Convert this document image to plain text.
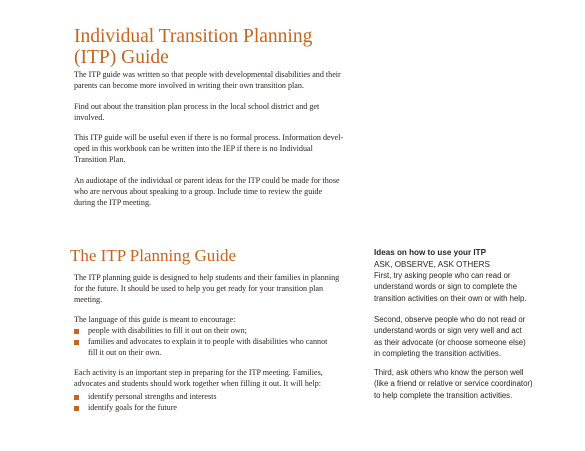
Individual Transition Planning
(ITP) Guide

The ITP guide was written so that people with developmental disabilities and their
parents can become more involved in writing their own transition plan.

Find out about the transition plan process in the local school district and get
involved.

This ITP guide will be useful even if there is no formal process. Information devel-
oped in this workbook can be written into the IEP if there is no Individual
Transition Plan.

An audiotape of the individual or parent ideas for the ITP could be made for those
who are nervous about speaking to a group. Include time to review the guide
during the ITP meeting.

The ITP Planning Guide

The ITP planning guide is designed to help students and their families in planning
for the future. It should be used to help you get ready for your transition plan
meeting.

The language of this guide is meant to encourage:

people with disabilities to fill it out on their own;
families and advocates to explain it to people with disabilities who cannot
fill it out on their own.

Each activity is an important step in preparing for the ITP meeting. Families,
advocates and students should work together when filling it out. It will help:

identify personal strengths and interests
identify goals for the future

Ideas on how to use your ITP

ASK, OBSERVE, ASK OTHERS

First, try asking people who can read or
understand words or sign to complete the
transition activities on their own or with help.

Second, observe people who do not read or
understand words or sign very well and act
as their advocate (or choose someone else)
in completing the transition activities.

Third, ask others who know the person well
(like a friend or relative or service coordinator)
to help complete the transition activities.
